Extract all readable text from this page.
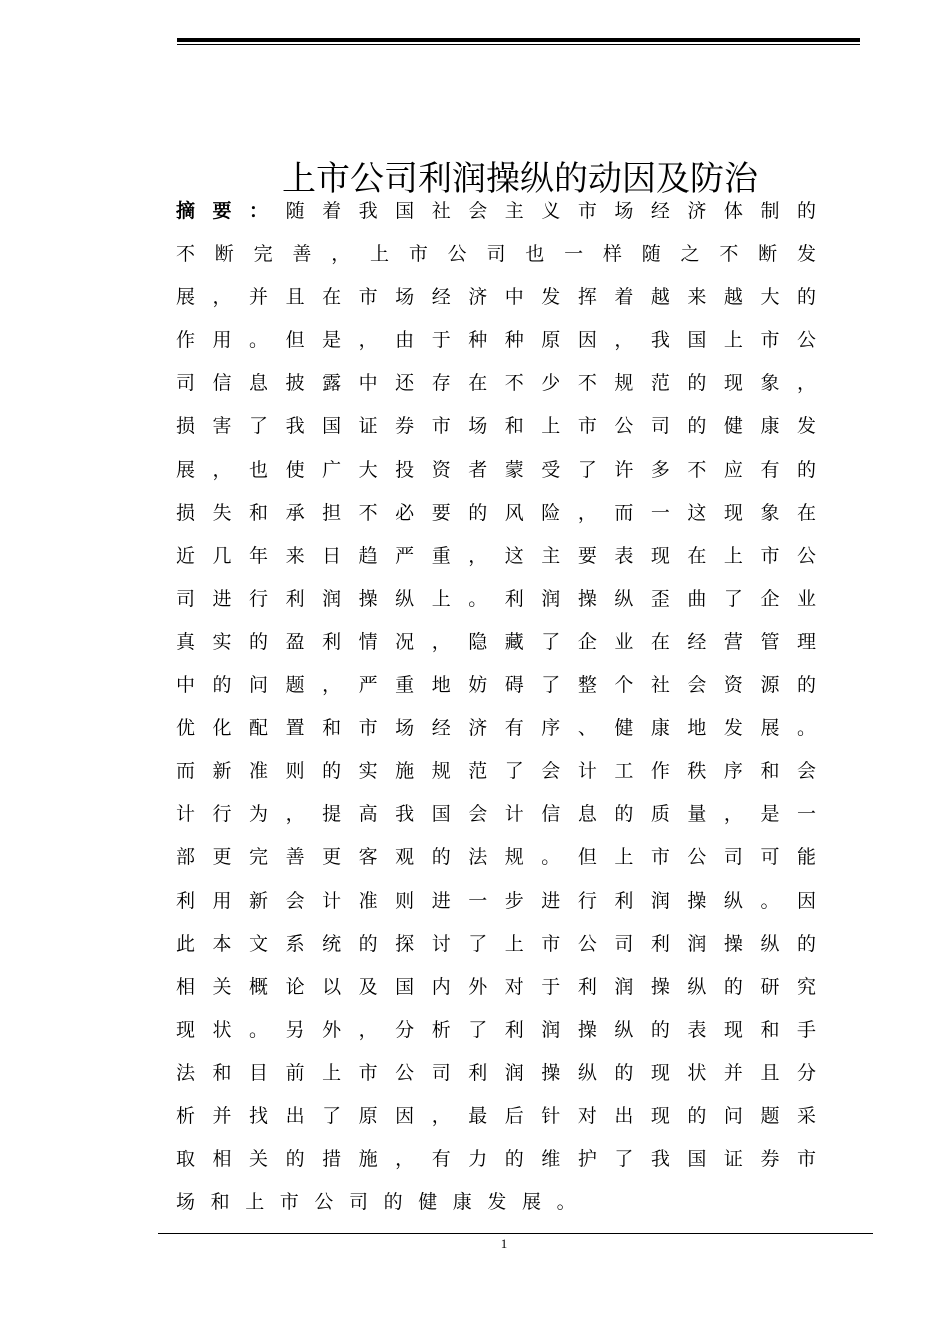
上市公司利润操纵的动因及防治
摘要：随着我国社会主义市场经济体制的
不断完善，上市公司也一样随之不断发
展，并且在市场经济中发挥着越来越大的
作用。但是，由于种种原因，我国上市公
司信息披露中还存在不少不规范的现象，
损害了我国证券市场和上市公司的健康发
展，也使广大投资者蒙受了许多不应有的
损失和承担不必要的风险，而一这现象在
近几年来日趋严重，这主要表现在上市公
司进行利润操纵上。利润操纵歪曲了企业
真实的盈利情况，隐藏了企业在经营管理
中的问题，严重地妨碍了整个社会资源的
优化配置和市场经济有序、健康地发展。
而新准则的实施规范了会计工作秩序和会
计行为，提高我国会计信息的质量，是一
部更完善更客观的法规。但上市公司可能
利用新会计准则进一步进行利润操纵。因
此本文系统的探讨了上市公司利润操纵的
相关概论以及国内外对于利润操纵的研究
现状。另外，分析了利润操纵的表现和手
法和目前上市公司利润操纵的现状并且分
析并找出了原因，最后针对出现的问题采
取相关的措施，有力的维护了我国证券市
场和上市公司的健康发展。
1
